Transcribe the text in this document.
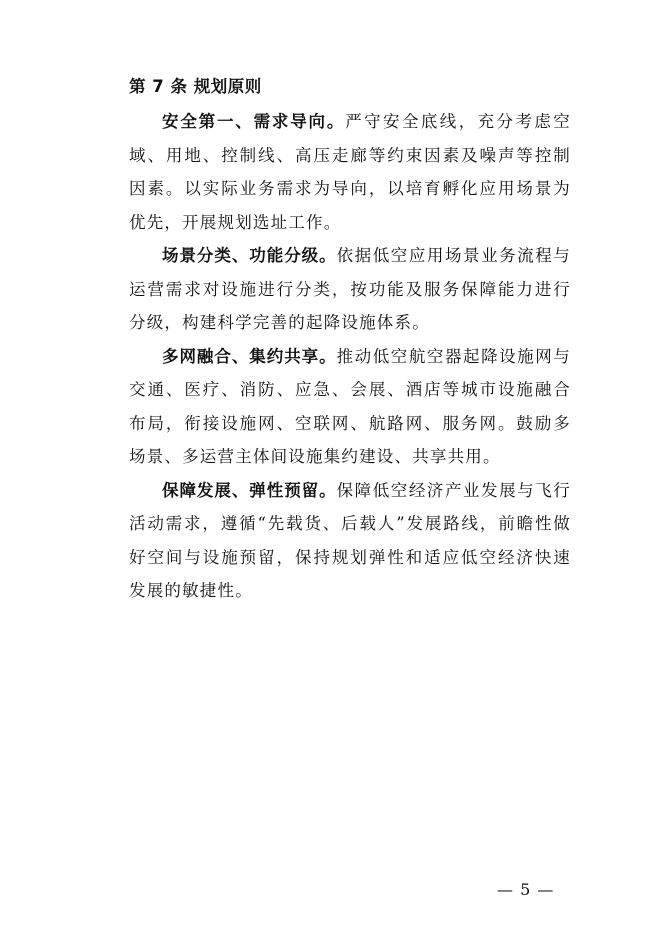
第 7 条 规划原则

安全第一、需求导向。严守安全底线，充分考虑空域、用地、控制线、高压走廊等约束因素及噪声等控制因素。以实际业务需求为导向，以培育孵化应用场景为优先，开展规划选址工作。

场景分类、功能分级。依据低空应用场景业务流程与运营需求对设施进行分类，按功能及服务保障能力进行分级，构建科学完善的起降设施体系。

多网融合、集约共享。推动低空航空器起降设施网与交通、医疗、消防、应急、会展、酒店等城市设施融合布局，衔接设施网、空联网、航路网、服务网。鼓励多场景、多运营主体间设施集约建设、共享共用。

保障发展、弹性预留。保障低空经济产业发展与飞行活动需求，遵循“先载货、后载人”发展路线，前瞻性做好空间与设施预留，保持规划弹性和适应低空经济快速发展的敏捷性。

— 5 —
